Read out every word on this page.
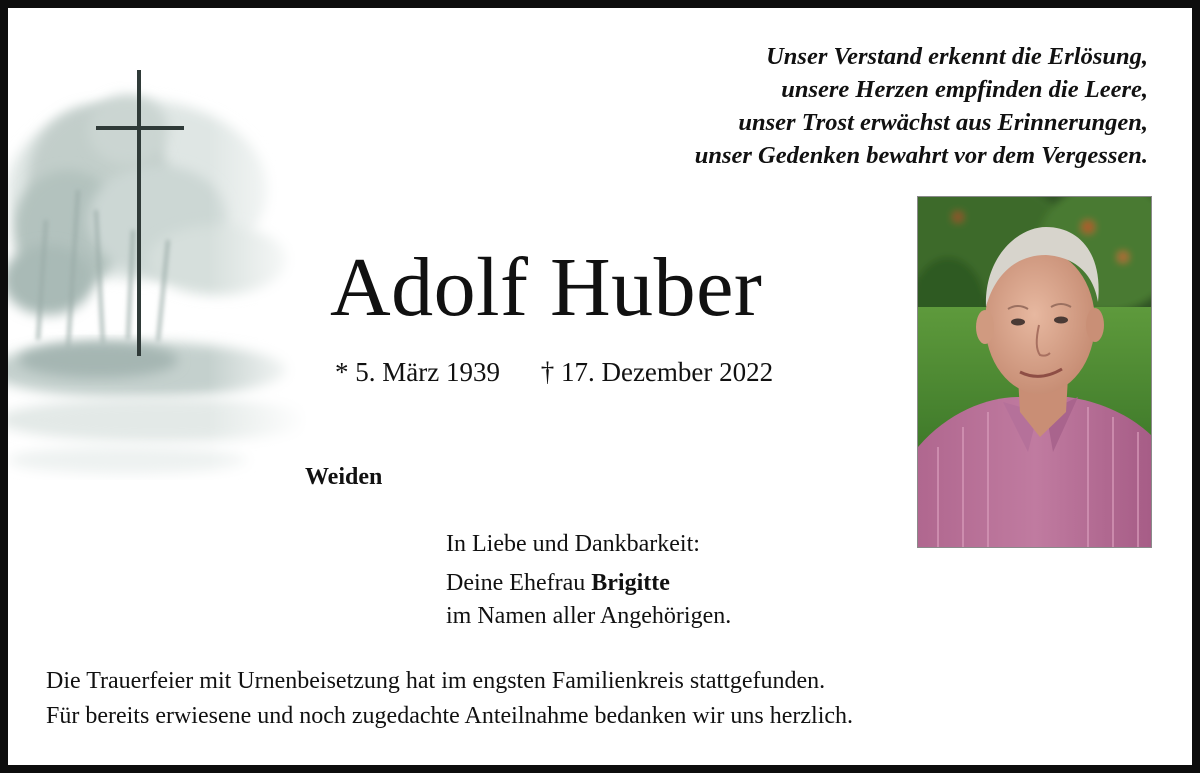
Unser Verstand erkennt die Erlösung,
unsere Herzen empfinden die Leere,
unser Trost erwächst aus Erinnerungen,
unser Gedenken bewahrt vor dem Vergessen.
Adolf Huber
* 5. März 1939 † 17. Dezember 2022
Weiden
In Liebe und Dankbarkeit:
Deine Ehefrau Brigitte
im Namen aller Angehörigen.
Die Trauerfeier mit Urnenbeisetzung hat im engsten Familienkreis stattgefunden.
Für bereits erwiesene und noch zugedachte Anteilnahme bedanken wir uns herzlich.
